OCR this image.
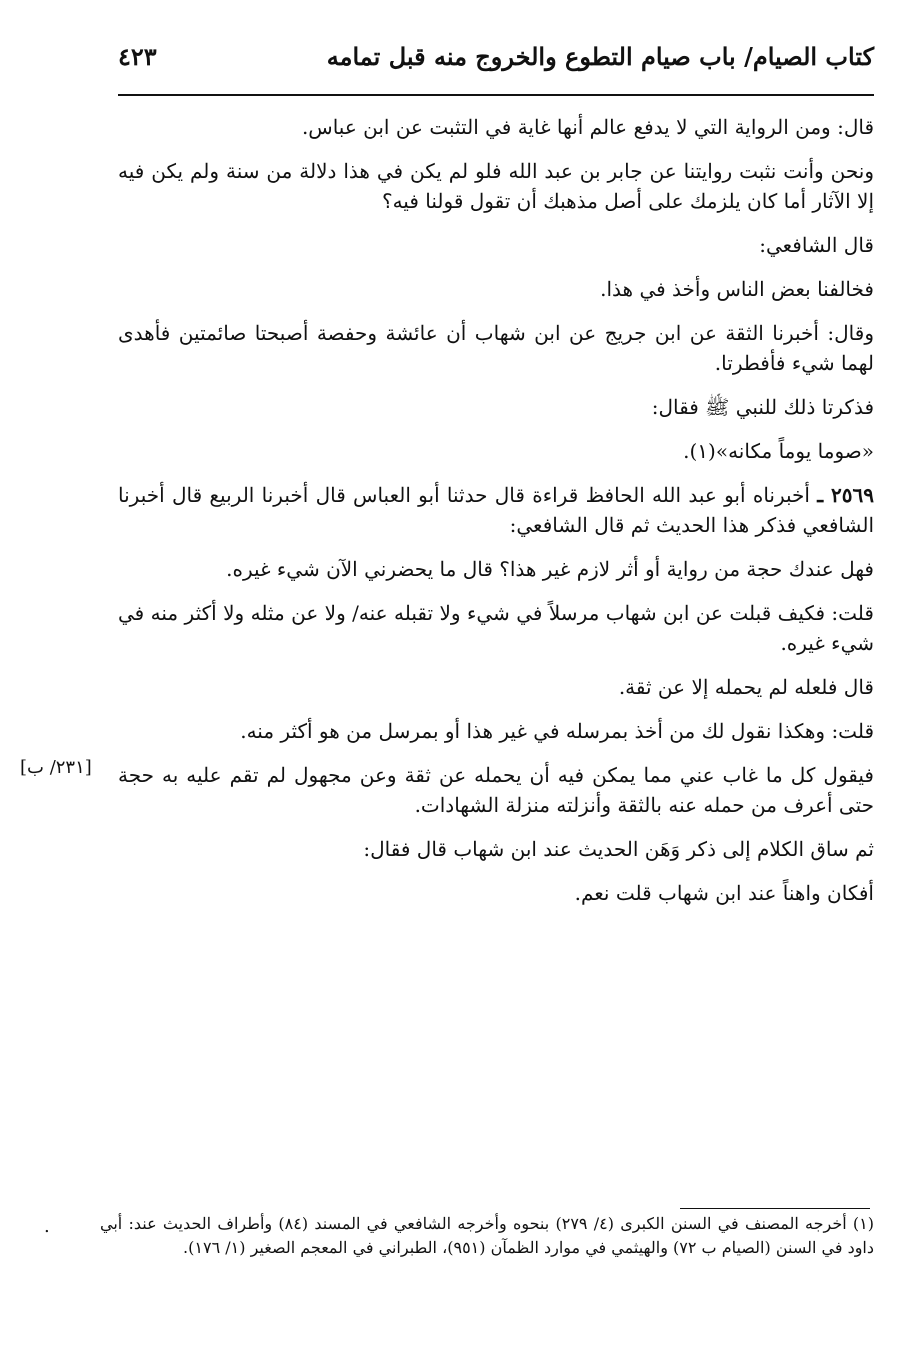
كتاب الصيام/ باب صيام التطوع والخروج منه قبل تمامه
٤٢٣

قال: ومن الرواية التي لا يدفع عالم أنها غاية في التثبت عن ابن عباس.

ونحن وأنت نثبت روايتنا عن جابر بن عبد الله فلو لم يكن في هذا دلالة من سنة ولم يكن فيه إلا الآثار أما كان يلزمك على أصل مذهبك أن تقول قولنا فيه؟

قال الشافعي:

فخالفنا بعض الناس وأخذ في هذا.

وقال: أخبرنا الثقة عن ابن جريج عن ابن شهاب أن عائشة وحفصة أصبحتا صائمتين فأهدى لهما شيء فأفطرتا.

فذكرتا ذلك للنبي ﷺ فقال:

«صوما يوماً مكانه»(١).

٢٥٦٩ ـ أخبرناه أبو عبد الله الحافظ قراءة قال حدثنا أبو العباس قال أخبرنا الربيع قال أخبرنا الشافعي فذكر هذا الحديث ثم قال الشافعي:

فهل عندك حجة من رواية أو أثر لازم غير هذا؟ قال ما يحضرني الآن شيء غيره.

قلت: فكيف قبلت عن ابن شهاب مرسلاً في شيء ولا تقبله عنه/ ولا عن مثله ولا أكثر منه في شيء غيره.

قال فلعله لم يحمله إلا عن ثقة.

قلت: وهكذا نقول لك من أخذ بمرسله في غير هذا أو بمرسل من هو أكثر منه.

فيقول كل ما غاب عني مما يمكن فيه أن يحمله عن ثقة وعن مجهول لم تقم عليه به حجة حتى أعرف من حمله عنه بالثقة وأنزلته منزلة الشهادات.

ثم ساق الكلام إلى ذكر وَهَن الحديث عند ابن شهاب قال فقال:

أفكان واهناً عند ابن شهاب قلت نعم.

[٢٣١/ ب]
(١) أخرجه المصنف في السنن الكبرى (٤/ ٢٧٩) بنحوه وأخرجه الشافعي في المسند (٨٤) وأطراف الحديث عند: أبي داود في السنن (الصيام ب ٧٢) والهيثمي في موارد الظمآن (٩٥١)، الطبراني في المعجم الصغير (١/ ١٧٦).
.
